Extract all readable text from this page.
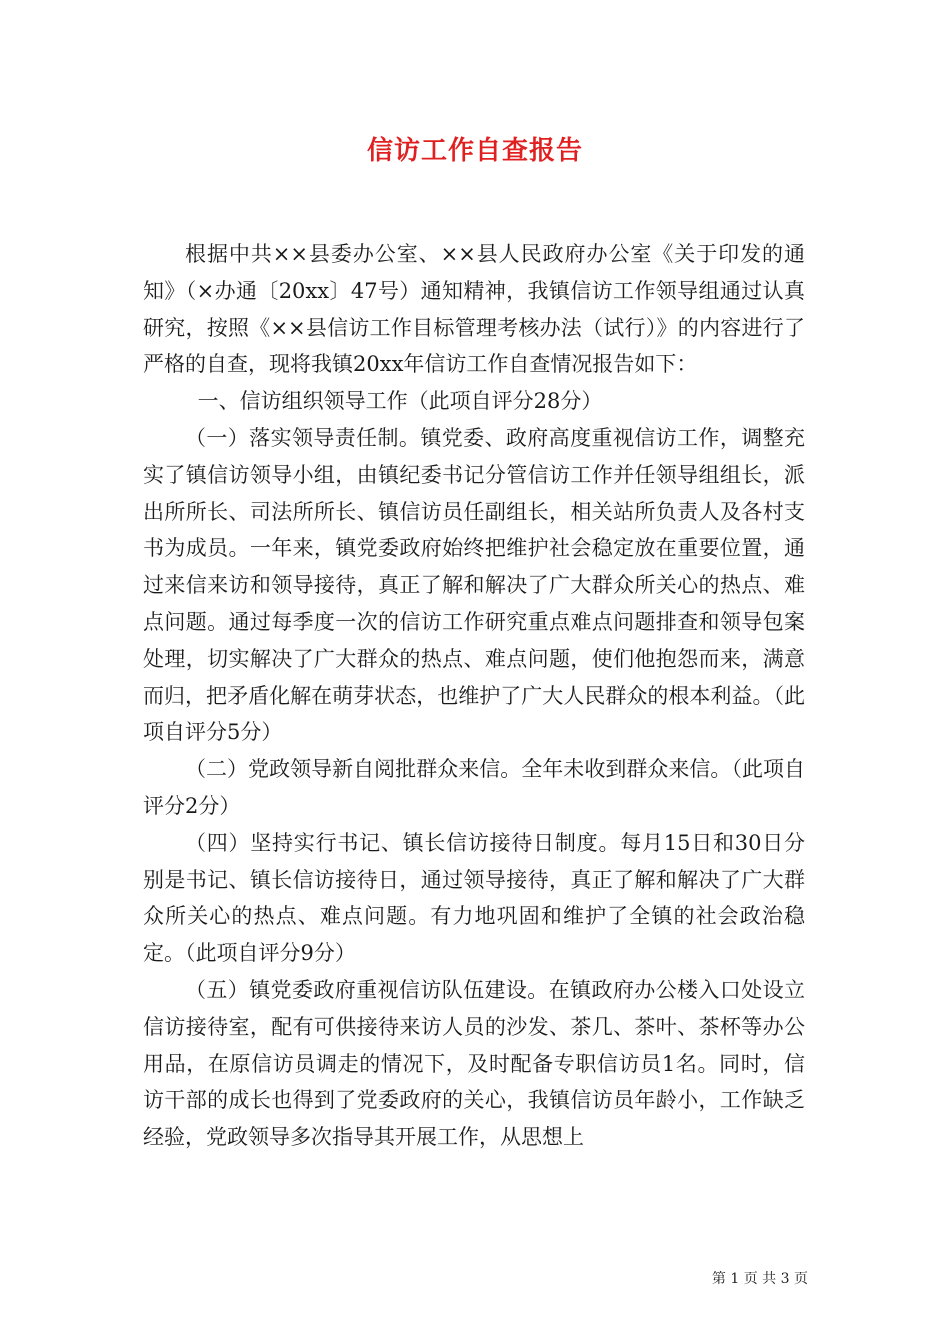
信访工作自查报告

根据中共××县委办公室、××县人民政府办公室《关于印发的通知》（×办通〔20xx〕47号）通知精神，我镇信访工作领导组通过认真研究，按照《××县信访工作目标管理考核办法（试行）》的内容进行了严格的自查，现将我镇20xx年信访工作自查情况报告如下：

一、信访组织领导工作（此项自评分28分）

（一）落实领导责任制。镇党委、政府高度重视信访工作，调整充实了镇信访领导小组，由镇纪委书记分管信访工作并任领导组组长，派出所所长、司法所所长、镇信访员任副组长，相关站所负责人及各村支书为成员。一年来，镇党委政府始终把维护社会稳定放在重要位置，通过来信来访和领导接待，真正了解和解决了广大群众所关心的热点、难点问题。通过每季度一次的信访工作研究重点难点问题排查和领导包案处理，切实解决了广大群众的热点、难点问题，使们他抱怨而来，满意而归，把矛盾化解在萌芽状态，也维护了广大人民群众的根本利益。（此项自评分5分）

（二）党政领导新自阅批群众来信。全年未收到群众来信。（此项自评分2分）

（四）坚持实行书记、镇长信访接待日制度。每月15日和30日分别是书记、镇长信访接待日，通过领导接待，真正了解和解决了广大群众所关心的热点、难点问题。有力地巩固和维护了全镇的社会政治稳定。（此项自评分9分）

（五）镇党委政府重视信访队伍建设。在镇政府办公楼入口处设立信访接待室，配有可供接待来访人员的沙发、茶几、茶叶、茶杯等办公用品，在原信访员调走的情况下，及时配备专职信访员1名。同时，信访干部的成长也得到了党委政府的关心，我镇信访员年龄小，工作缺乏经验，党政领导多次指导其开展工作，从思想上

第 1 页 共 3 页
